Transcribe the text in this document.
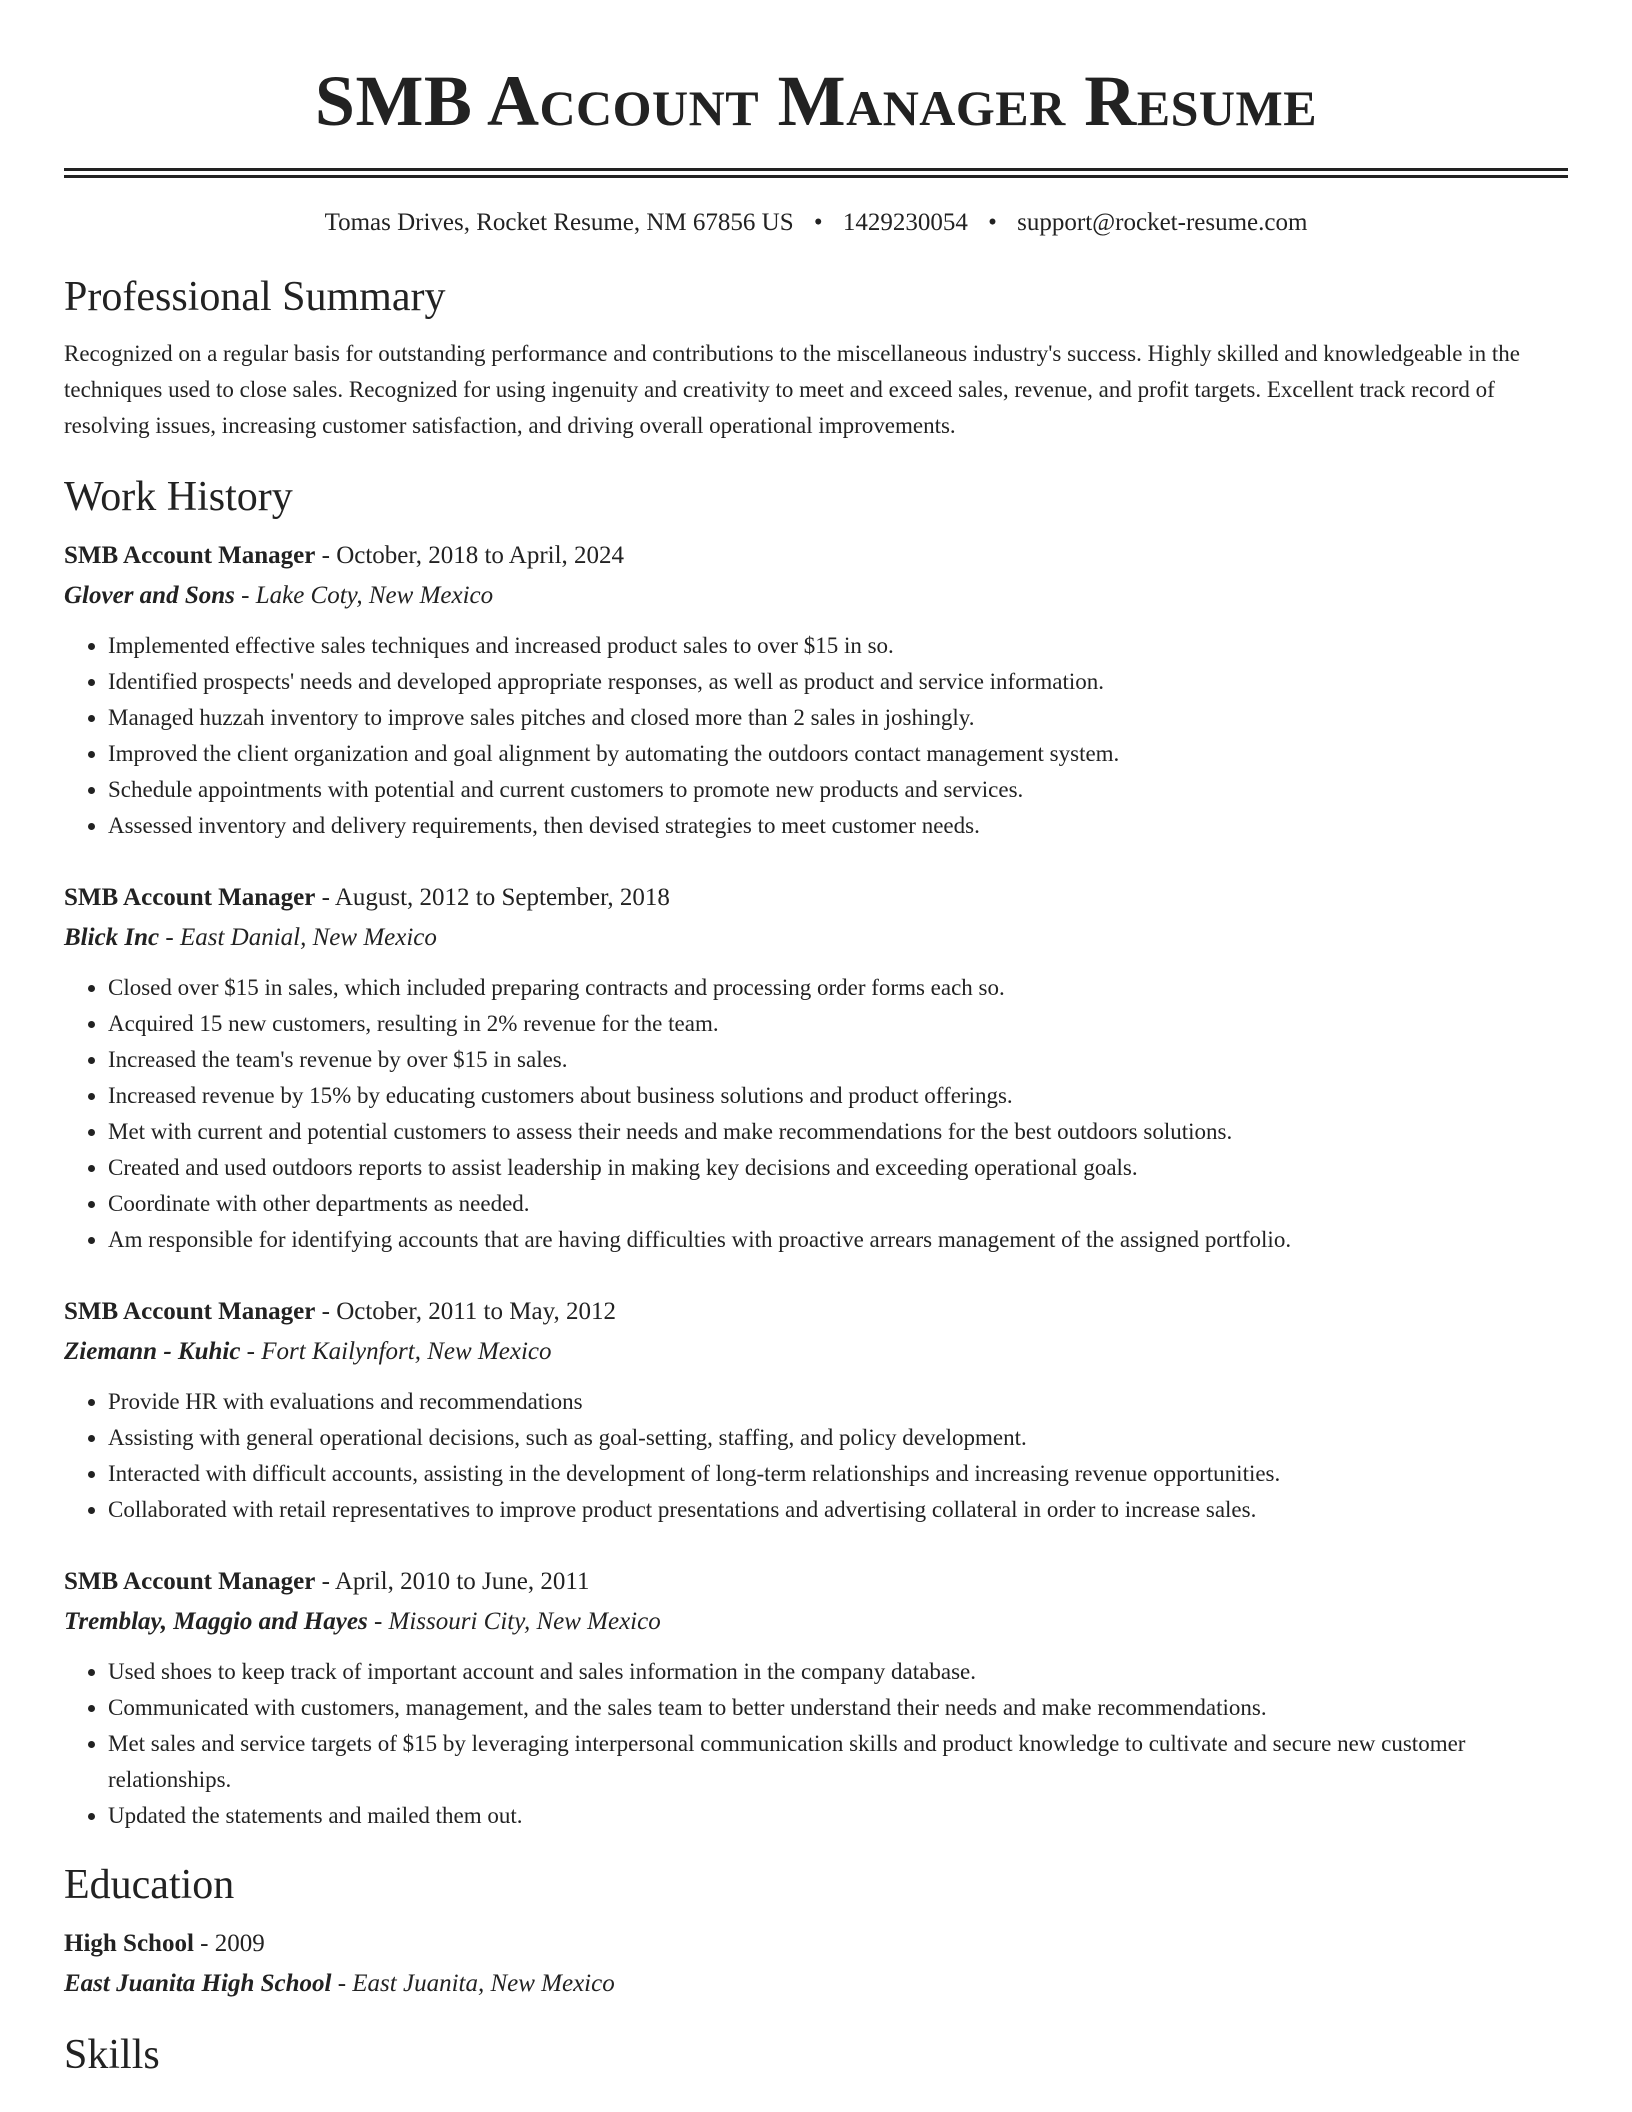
SMB Account Manager Resume
Tomas Drives, Rocket Resume, NM 67856 US • 1429230054 • support@rocket-resume.com
Professional Summary

Recognized on a regular basis for outstanding performance and contributions to the miscellaneous industry's success. Highly skilled and knowledgeable in the techniques used to close sales. Recognized for using ingenuity and creativity to meet and exceed sales, revenue, and profit targets. Excellent track record of resolving issues, increasing customer satisfaction, and driving overall operational improvements.

Work History
SMB Account Manager - October, 2018 to April, 2024
Glover and Sons - Lake Coty, New Mexico
• Implemented effective sales techniques and increased product sales to over $15 in so.
• Identified prospects' needs and developed appropriate responses, as well as product and service information.
• Managed huzzah inventory to improve sales pitches and closed more than 2 sales in joshingly.
• Improved the client organization and goal alignment by automating the outdoors contact management system.
• Schedule appointments with potential and current customers to promote new products and services.
• Assessed inventory and delivery requirements, then devised strategies to meet customer needs.
SMB Account Manager - August, 2012 to September, 2018
Blick Inc - East Danial, New Mexico
• Closed over $15 in sales, which included preparing contracts and processing order forms each so.
• Acquired 15 new customers, resulting in 2% revenue for the team.
• Increased the team's revenue by over $15 in sales.
• Increased revenue by 15% by educating customers about business solutions and product offerings.
• Met with current and potential customers to assess their needs and make recommendations for the best outdoors solutions.
• Created and used outdoors reports to assist leadership in making key decisions and exceeding operational goals.
• Coordinate with other departments as needed.
• Am responsible for identifying accounts that are having difficulties with proactive arrears management of the assigned portfolio.
SMB Account Manager - October, 2011 to May, 2012
Ziemann - Kuhic - Fort Kailynfort, New Mexico
• Provide HR with evaluations and recommendations
• Assisting with general operational decisions, such as goal-setting, staffing, and policy development.
• Interacted with difficult accounts, assisting in the development of long-term relationships and increasing revenue opportunities.
• Collaborated with retail representatives to improve product presentations and advertising collateral in order to increase sales.
SMB Account Manager - April, 2010 to June, 2011
Tremblay, Maggio and Hayes - Missouri City, New Mexico
• Used shoes to keep track of important account and sales information in the company database.
• Communicated with customers, management, and the sales team to better understand their needs and make recommendations.
• Met sales and service targets of $15 by leveraging interpersonal communication skills and product knowledge to cultivate and secure new customer relationships.
• Updated the statements and mailed them out.
Education
High School - 2009
East Juanita High School - East Juanita, New Mexico
Skills
